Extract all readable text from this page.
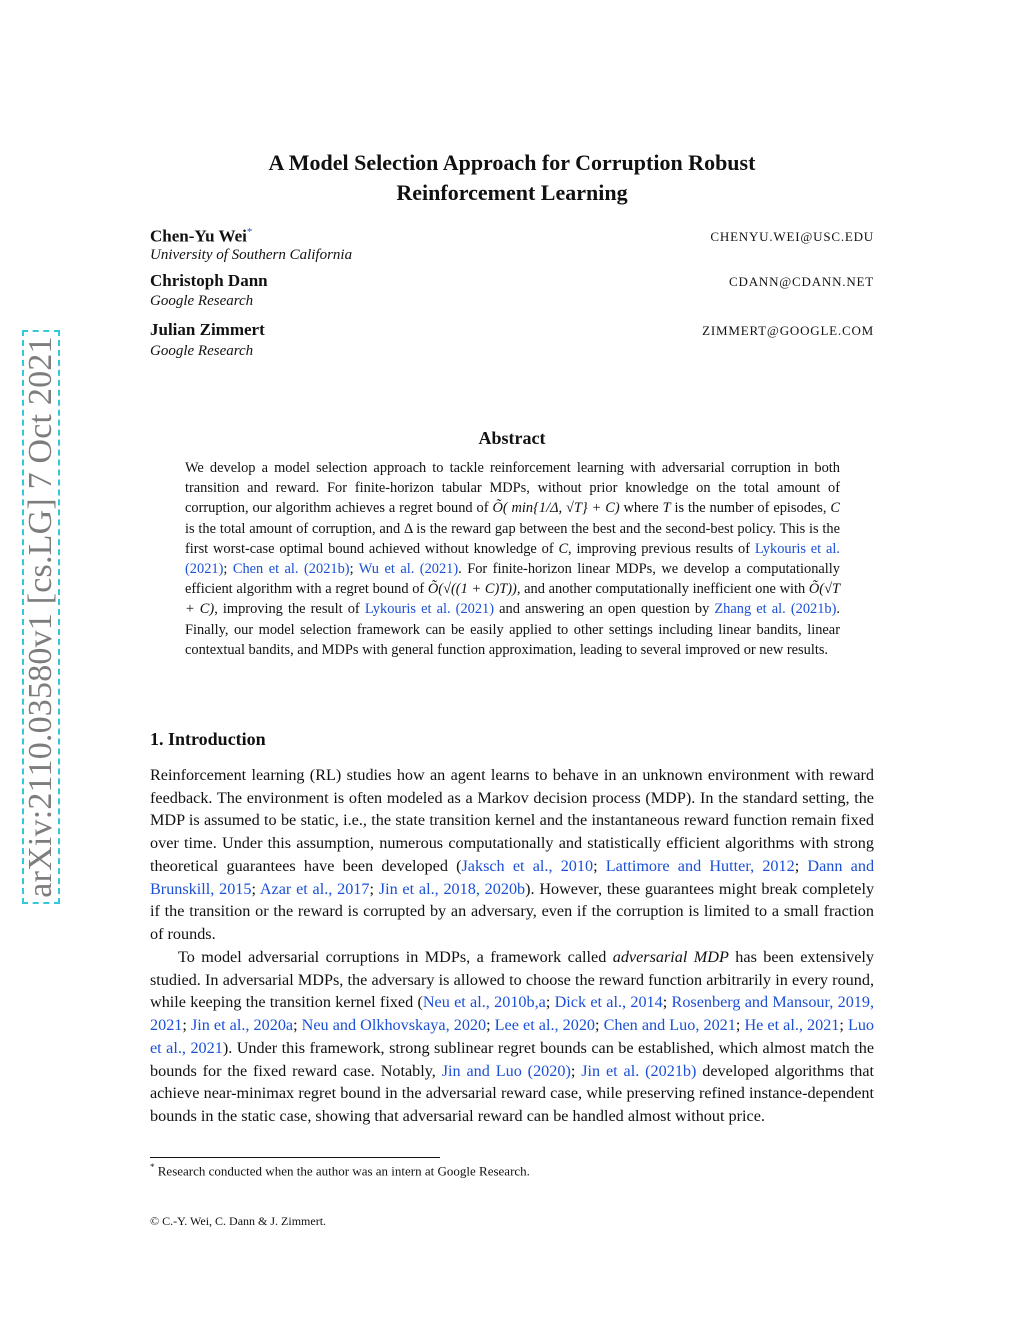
arXiv:2110.03580v1 [cs.LG] 7 Oct 2021
A Model Selection Approach for Corruption Robust
Reinforcement Learning
Chen-Yu Wei*	CHENYU.WEI@USC.EDU
University of Southern California
Christoph Dann	CDANN@CDANN.NET
Google Research
Julian Zimmert	ZIMMERT@GOOGLE.COM
Google Research
Abstract
We develop a model selection approach to tackle reinforcement learning with adversarial corruption in both transition and reward. For finite-horizon tabular MDPs, without prior knowledge on the total amount of corruption, our algorithm achieves a regret bound of Õ( min{1/Δ, √T} + C) where T is the number of episodes, C is the total amount of corruption, and Δ is the reward gap between the best and the second-best policy. This is the first worst-case optimal bound achieved without knowledge of C, improving previous results of Lykouris et al. (2021); Chen et al. (2021b); Wu et al. (2021). For finite-horizon linear MDPs, we develop a computationally efficient algorithm with a regret bound of Õ(√((1 + C)T)), and another computationally inefficient one with Õ(√T + C), improving the result of Lykouris et al. (2021) and answering an open question by Zhang et al. (2021b). Finally, our model selection framework can be easily applied to other settings including linear bandits, linear contextual bandits, and MDPs with general function approximation, leading to several improved or new results.
1. Introduction
Reinforcement learning (RL) studies how an agent learns to behave in an unknown environment with reward feedback. The environment is often modeled as a Markov decision process (MDP). In the standard setting, the MDP is assumed to be static, i.e., the state transition kernel and the instantaneous reward function remain fixed over time. Under this assumption, numerous computationally and statistically efficient algorithms with strong theoretical guarantees have been developed (Jaksch et al., 2010; Lattimore and Hutter, 2012; Dann and Brunskill, 2015; Azar et al., 2017; Jin et al., 2018, 2020b). However, these guarantees might break completely if the transition or the reward is corrupted by an adversary, even if the corruption is limited to a small fraction of rounds.
To model adversarial corruptions in MDPs, a framework called adversarial MDP has been extensively studied. In adversarial MDPs, the adversary is allowed to choose the reward function arbitrarily in every round, while keeping the transition kernel fixed (Neu et al., 2010b,a; Dick et al., 2014; Rosenberg and Mansour, 2019, 2021; Jin et al., 2020a; Neu and Olkhovskaya, 2020; Lee et al., 2020; Chen and Luo, 2021; He et al., 2021; Luo et al., 2021). Under this framework, strong sublinear regret bounds can be established, which almost match the bounds for the fixed reward case. Notably, Jin and Luo (2020); Jin et al. (2021b) developed algorithms that achieve near-minimax regret bound in the adversarial reward case, while preserving refined instance-dependent bounds in the static case, showing that adversarial reward can be handled almost without price.
* Research conducted when the author was an intern at Google Research.
© C.-Y. Wei, C. Dann & J. Zimmert.
